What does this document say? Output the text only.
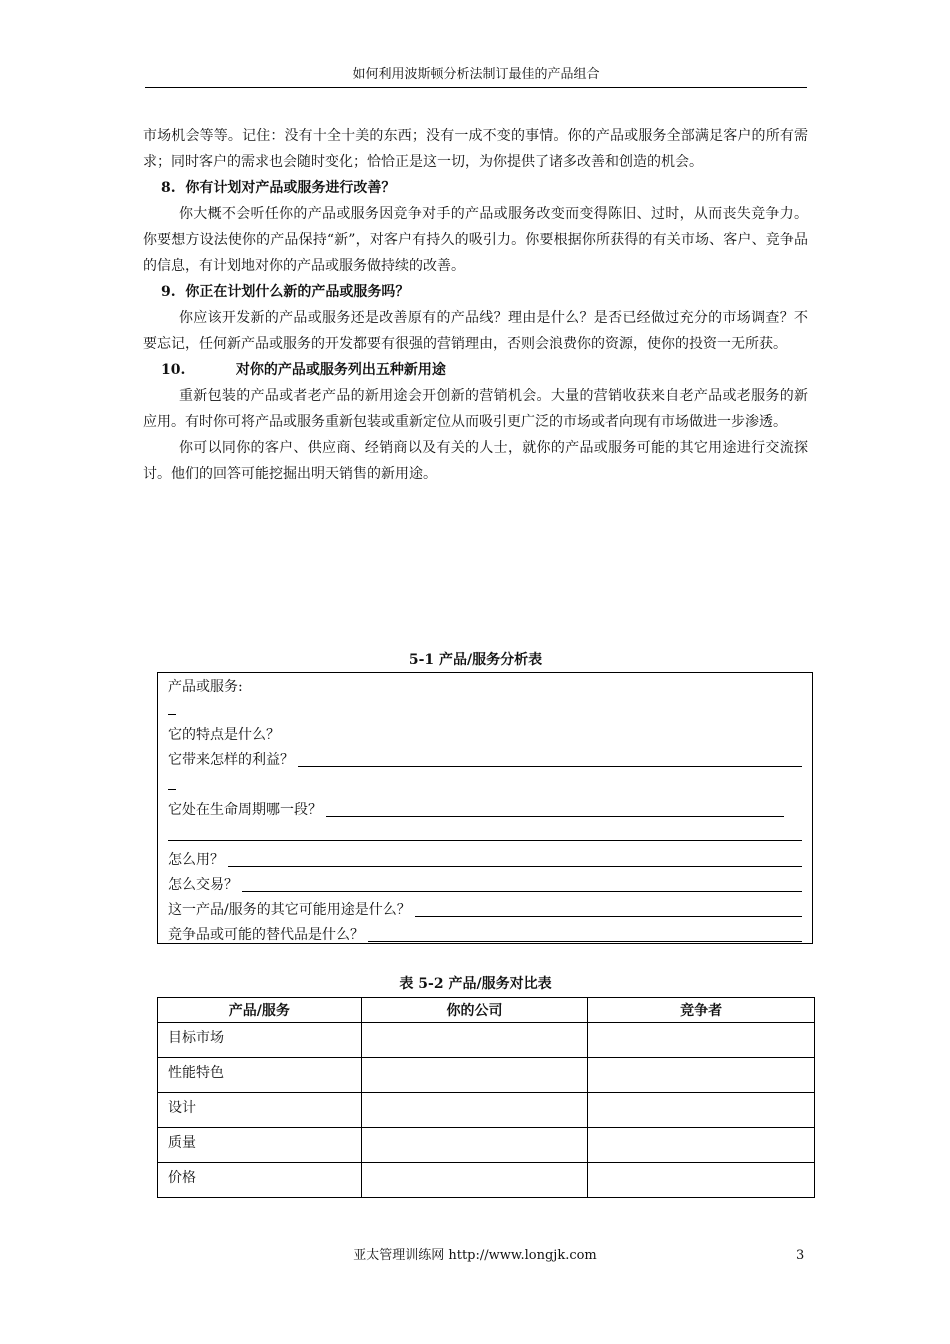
如何利用波斯顿分析法制订最佳的产品组合

市场机会等等。记住：没有十全十美的东西；没有一成不变的事情。你的产品或服务全部满足客户的所有需求；同时客户的需求也会随时变化；恰恰正是这一切，为你提供了诸多改善和创造的机会。

8. 你有计划对产品或服务进行改善？

你大概不会听任你的产品或服务因竞争对手的产品或服务改变而变得陈旧、过时，从而丧失竞争力。你要想方设法使你的产品保持“新”，对客户有持久的吸引力。你要根据你所获得的有关市场、客户、竞争品的信息，有计划地对你的产品或服务做持续的改善。

9. 你正在计划什么新的产品或服务吗？

你应该开发新的产品或服务还是改善原有的产品线？理由是什么？是否已经做过充分的市场调查？不要忘记，任何新产品或服务的开发都要有很强的营销理由，否则会浪费你的资源，使你的投资一无所获。

10.	对你的产品或服务列出五种新用途

重新包装的产品或者老产品的新用途会开创新的营销机会。大量的营销收获来自老产品或老服务的新应用。有时你可将产品或服务重新包装或重新定位从而吸引更广泛的市场或者向现有市场做进一步渗透。

你可以同你的客户、供应商、经销商以及有关的人士，就你的产品或服务可能的其它用途进行交流探讨。他们的回答可能挖掘出明天销售的新用途。

5-1 产品/服务分析表
产品或服务:
它的特点是什么？
它带来怎样的利益？
它处在生命周期哪一段？
怎么用？
怎么交易？
这一产品/服务的其它可能用途是什么？
竞争品或可能的替代品是什么？
表 5-2 产品/服务对比表
产品/服务	你的公司	竞争者
目标市场		
性能特色		
设计		
质量		
价格		
亚太管理训练网 http://www.longjk.com	3
